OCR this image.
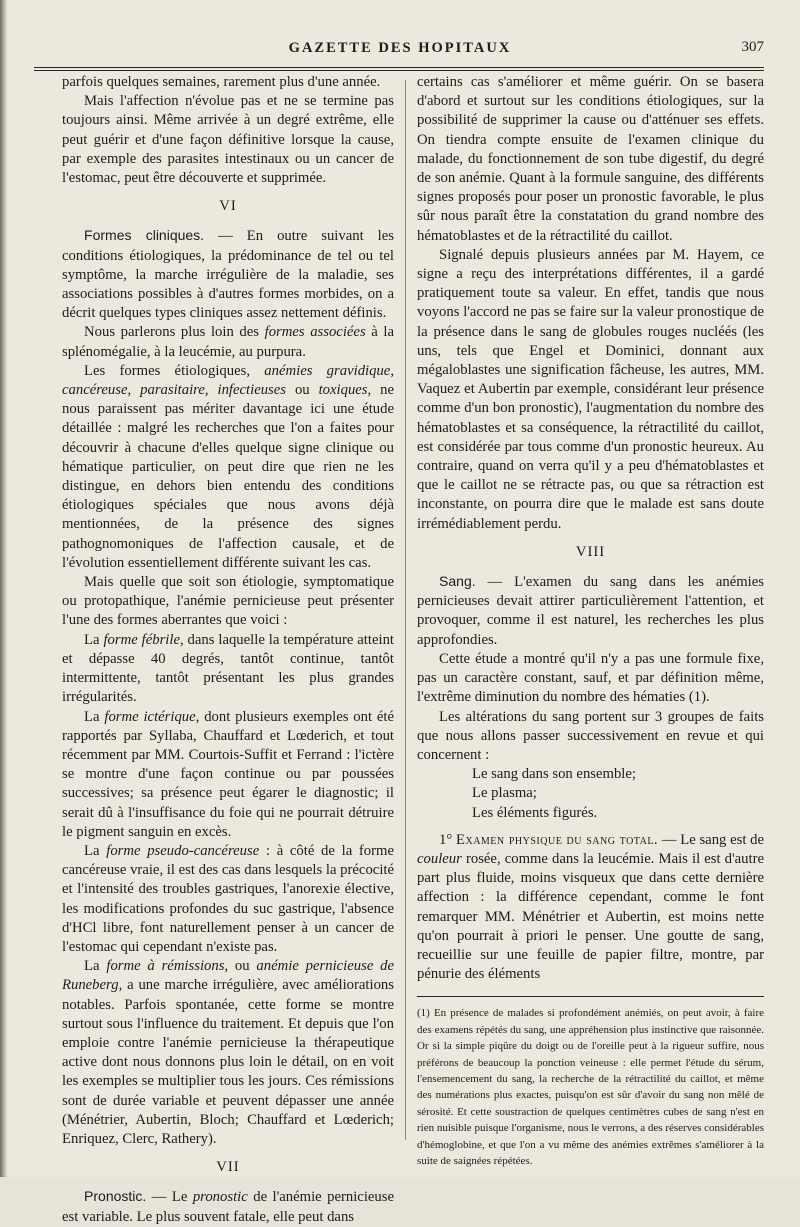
GAZETTE DES HOPITAUX	307

parfois quelques semaines, rarement plus d'une année.

Mais l'affection n'évolue pas et ne se termine pas toujours ainsi. Même arrivée à un degré extrême, elle peut guérir et d'une façon définitive lorsque la cause, par exemple des parasites intestinaux ou un cancer de l'estomac, peut être découverte et supprimée.

VI

Formes cliniques. — En outre suivant les conditions étiologiques, la prédominance de tel ou tel symptôme, la marche irrégulière de la maladie, ses associations possibles à d'autres formes morbides, on a décrit quelques types cliniques assez nettement définis.

Nous parlerons plus loin des formes associées à la splénomégalie, à la leucémie, au purpura.

Les formes étiologiques, anémies gravidique, cancéreuse, parasitaire, infectieuses ou toxiques, ne nous paraissent pas mériter davantage ici une étude détaillée : malgré les recherches que l'on a faites pour découvrir à chacune d'elles quelque signe clinique ou hématique particulier, on peut dire que rien ne les distingue, en dehors bien entendu des conditions étiologiques spéciales que nous avons déjà mentionnées, de la présence des signes pathognomoniques de l'affection causale, et de l'évolution essentiellement différente suivant les cas.

Mais quelle que soit son étiologie, symptomatique ou protopathique, l'anémie pernicieuse peut présenter l'une des formes aberrantes que voici :

La forme fébrile, dans laquelle la température atteint et dépasse 40 degrés, tantôt continue, tantôt intermittente, tantôt présentant les plus grandes irrégularités.

La forme ictérique, dont plusieurs exemples ont été rapportés par Syllaba, Chauffard et Lœderich, et tout récemment par MM. Courtois-Suffit et Ferrand : l'ictère se montre d'une façon continue ou par poussées successives; sa présence peut égarer le diagnostic; il serait dû à l'insuffisance du foie qui ne pourrait détruire le pigment sanguin en excès.

La forme pseudo-cancéreuse : à côté de la forme cancéreuse vraie, il est des cas dans lesquels la précocité et l'intensité des troubles gastriques, l'anorexie élective, les modifications profondes du suc gastrique, l'absence d'HCl libre, font naturellement penser à un cancer de l'estomac qui cependant n'existe pas.

La forme à rémissions, ou anémie pernicieuse de Runeberg, a une marche irrégulière, avec améliorations notables. Parfois spontanée, cette forme se montre surtout sous l'influence du traitement. Et depuis que l'on emploie contre l'anémie pernicieuse la thérapeutique active dont nous donnons plus loin le détail, on en voit les exemples se multiplier tous les jours. Ces rémissions sont de durée variable et peuvent dépasser une année (Ménétrier, Aubertin, Bloch; Chauffard et Lœderich; Enriquez, Clerc, Rathery).

VII

Pronostic. — Le pronostic de l'anémie pernicieuse est variable. Le plus souvent fatale, elle peut dans

certains cas s'améliorer et même guérir. On se basera d'abord et surtout sur les conditions étiologiques, sur la possibilité de supprimer la cause ou d'atténuer ses effets. On tiendra compte ensuite de l'examen clinique du malade, du fonctionnement de son tube digestif, du degré de son anémie. Quant à la formule sanguine, des différents signes proposés pour poser un pronostic favorable, le plus sûr nous paraît être la constatation du grand nombre des hématoblastes et de la rétractilité du caillot.

Signalé depuis plusieurs années par M. Hayem, ce signe a reçu des interprétations différentes, il a gardé pratiquement toute sa valeur. En effet, tandis que nous voyons l'accord ne pas se faire sur la valeur pronostique de la présence dans le sang de globules rouges nucléés (les uns, tels que Engel et Dominici, donnant aux mégaloblastes une signification fâcheuse, les autres, MM. Vaquez et Aubertin par exemple, considérant leur présence comme d'un bon pronostic), l'augmentation du nombre des hématoblastes et sa conséquence, la rétractilité du caillot, est considérée par tous comme d'un pronostic heureux. Au contraire, quand on verra qu'il y a peu d'hématoblastes et que le caillot ne se rétracte pas, ou que sa rétraction est inconstante, on pourra dire que le malade est sans doute irrémédiablement perdu.

VIII

Sang. — L'examen du sang dans les anémies pernicieuses devait attirer particulièrement l'attention, et provoquer, comme il est naturel, les recherches les plus approfondies.

Cette étude a montré qu'il n'y a pas une formule fixe, pas un caractère constant, sauf, et par définition même, l'extrême diminution du nombre des hématies (1).

Les altérations du sang portent sur 3 groupes de faits que nous allons passer successivement en revue et qui concernent :

Le sang dans son ensemble;
Le plasma;
Les éléments figurés.

1° Examen physique du sang total. — Le sang est de couleur rosée, comme dans la leucémie. Mais il est d'autre part plus fluide, moins visqueux que dans cette dernière affection : la différence cependant, comme le font remarquer MM. Ménétrier et Aubertin, est moins nette qu'on pourrait à priori le penser. Une goutte de sang, recueillie sur une feuille de papier filtre, montre, par pénurie des éléments

(1) En présence de malades si profondément anémiés, on peut avoir, à faire des examens répétés du sang, une appréhension plus instinctive que raisonnée. Or si la simple piqûre du doigt ou de l'oreille peut à la rigueur suffire, nous préférons de beaucoup la ponction veineuse : elle permet l'étude du sérum, l'ensemencement du sang, la recherche de la rétractilité du caillot, et même des numérations plus exactes, puisqu'on est sûr d'avoir du sang non mêlé de sérosité. Et cette soustraction de quelques centimètres cubes de sang n'est en rien nuisible puisque l'organisme, nous le verrons, a des réserves considérables d'hémoglobine, et que l'on a vu même des anémies extrêmes s'améliorer à la suite de saignées répétées.
